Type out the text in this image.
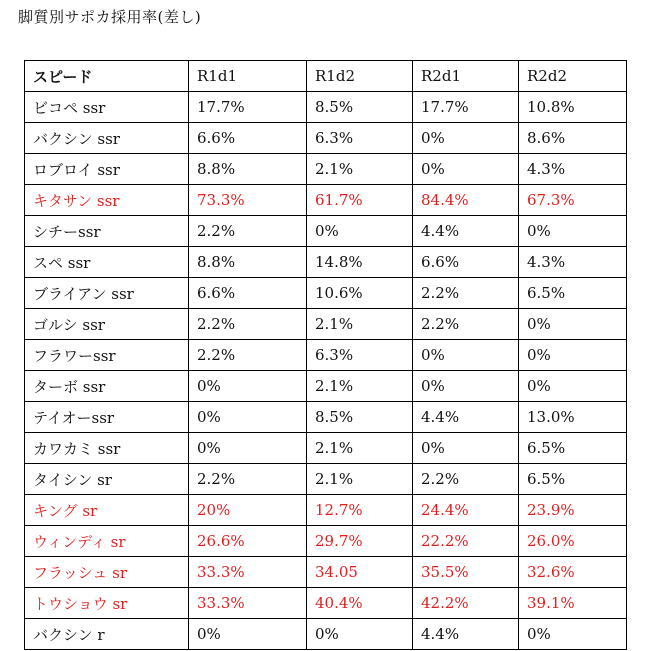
脚質別サポカ採用率(差し)
スピード	R1d1	R1d2	R2d1	R2d2
ビコペ ssr	17.7%	8.5%	17.7%	10.8%
バクシン ssr	6.6%	6.3%	0%	8.6%
ロブロイ ssr	8.8%	2.1%	0%	4.3%
キタサン ssr	73.3%	61.7%	84.4%	67.3%
シチーssr	2.2%	0%	4.4%	0%
スペ ssr	8.8%	14.8%	6.6%	4.3%
ブライアン ssr	6.6%	10.6%	2.2%	6.5%
ゴルシ ssr	2.2%	2.1%	2.2%	0%
フラワーssr	2.2%	6.3%	0%	0%
ターボ ssr	0%	2.1%	0%	0%
テイオーssr	0%	8.5%	4.4%	13.0%
カワカミ ssr	0%	2.1%	0%	6.5%
タイシン sr	2.2%	2.1%	2.2%	6.5%
キング sr	20%	12.7%	24.4%	23.9%
ウィンディ sr	26.6%	29.7%	22.2%	26.0%
フラッシュ sr	33.3%	34.05	35.5%	32.6%
トウショウ sr	33.3%	40.4%	42.2%	39.1%
バクシン r	0%	0%	4.4%	0%
